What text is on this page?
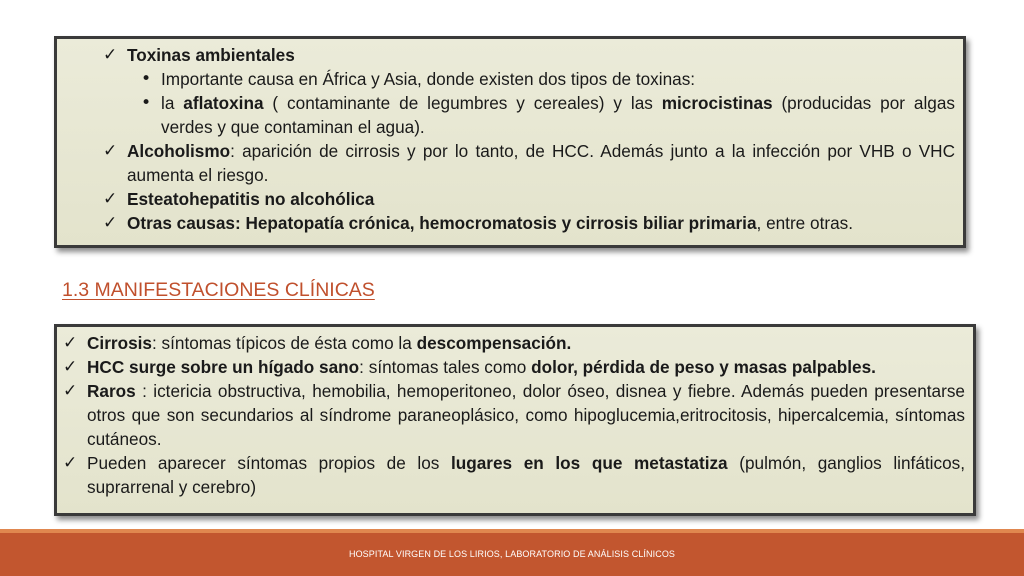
✓ Toxinas ambientales
• Importante causa en África y Asia, donde existen dos tipos de toxinas:
• la aflatoxina ( contaminante de legumbres y cereales) y las microcistinas (producidas por algas verdes y que contaminan el agua).
✓ Alcoholismo: aparición de cirrosis y por lo tanto, de HCC. Además junto a la infección por VHB o VHC aumenta el riesgo.
✓ Esteatohepatitis no alcohólica
✓ Otras causas: Hepatopatía crónica, hemocromatosis y cirrosis biliar primaria, entre otras.
1.3 MANIFESTACIONES CLÍNICAS
✓ Cirrosis: síntomas típicos de ésta como la descompensación.
✓ HCC surge sobre un hígado sano: síntomas tales como dolor, pérdida de peso y masas palpables.
✓ Raros : ictericia obstructiva, hemobilia, hemoperitoneo, dolor óseo, disnea y fiebre. Además pueden presentarse otros que son secundarios al síndrome paraneoplásico, como hipoglucemia,eritrocitosis, hipercalcemia, síntomas cutáneos.
✓ Pueden aparecer síntomas propios de los lugares en los que metastatiza (pulmón, ganglios linfáticos, suprarrenal y cerebro)
HOSPITAL VIRGEN DE LOS LIRIOS, LABORATORIO DE ANÁLISIS CLÍNICOS
